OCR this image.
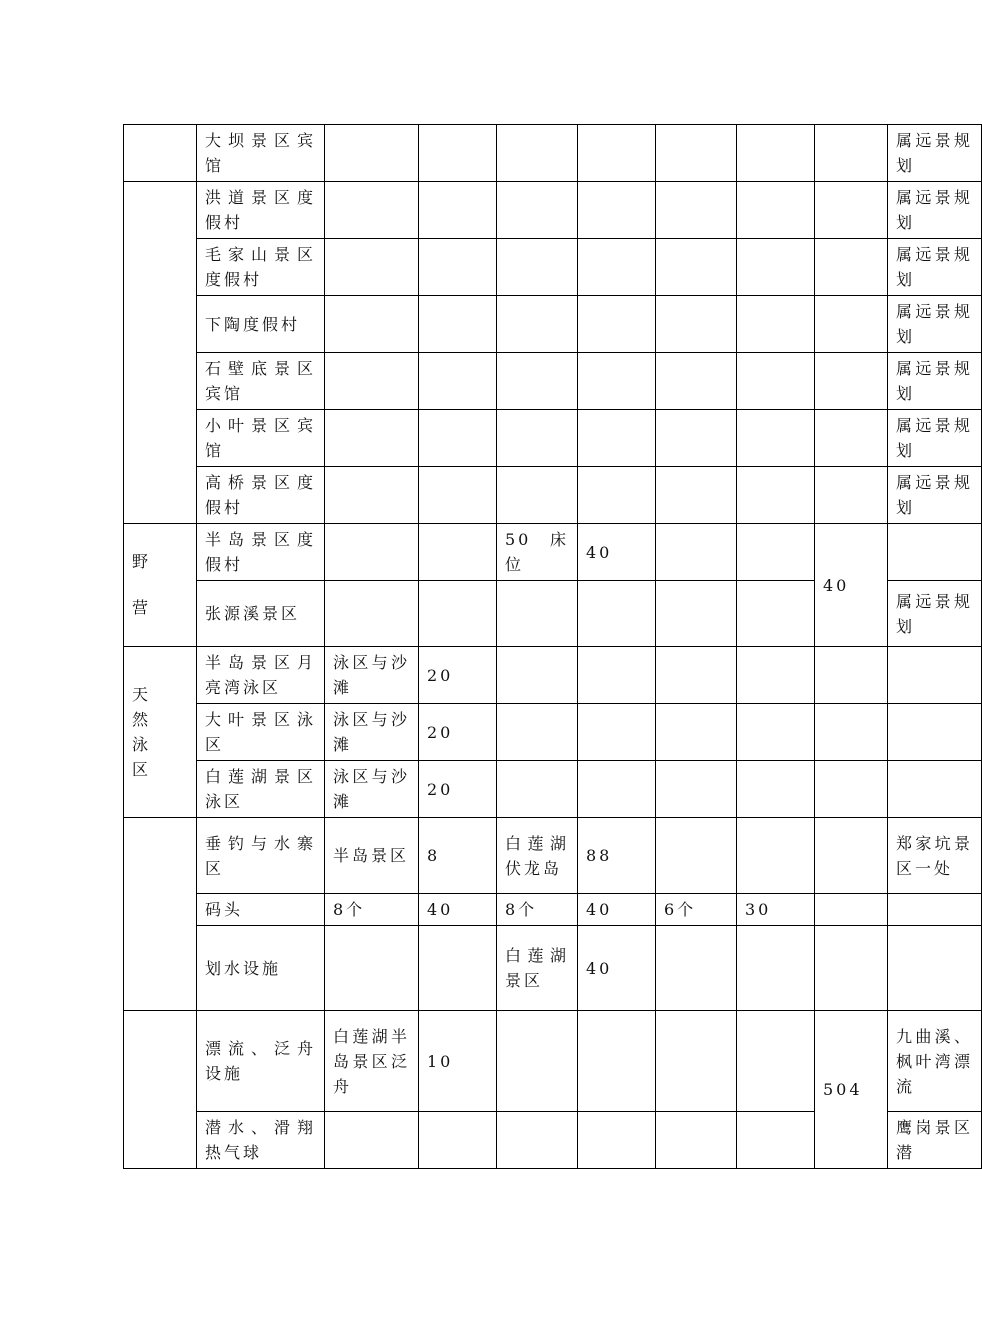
	大坝景区宾馆								属远景规划
	洪道景区度假村								属远景规划
	毛家山景区度假村								属远景规划
	下陶度假村								属远景规划
	石壁底景区宾馆								属远景规划
	小叶景区宾馆								属远景规划
	高桥景区度假村								属远景规划

野
营	半岛景区度假村			50 床位	40			40	
	张源溪景区								属远景规划

天
然
泳
区	半岛景区月亮湾泳区	泳区与沙滩	20						
	大叶景区泳区	泳区与沙滩	20						
	白莲湖景区泳区	泳区与沙滩	20						
	垂钓与水寨区	半岛景区	8	白莲湖伏龙岛	88				郑家坑景区一处
	码头	8个	40	8个	40	6个	30		
	划水设施			白莲湖景区	40				
	漂流、泛舟设施	白莲湖半岛景区泛舟	10					504	九曲溪、枫叶湾漂流
	潜水、滑翔热气球								鹰岗景区潜
